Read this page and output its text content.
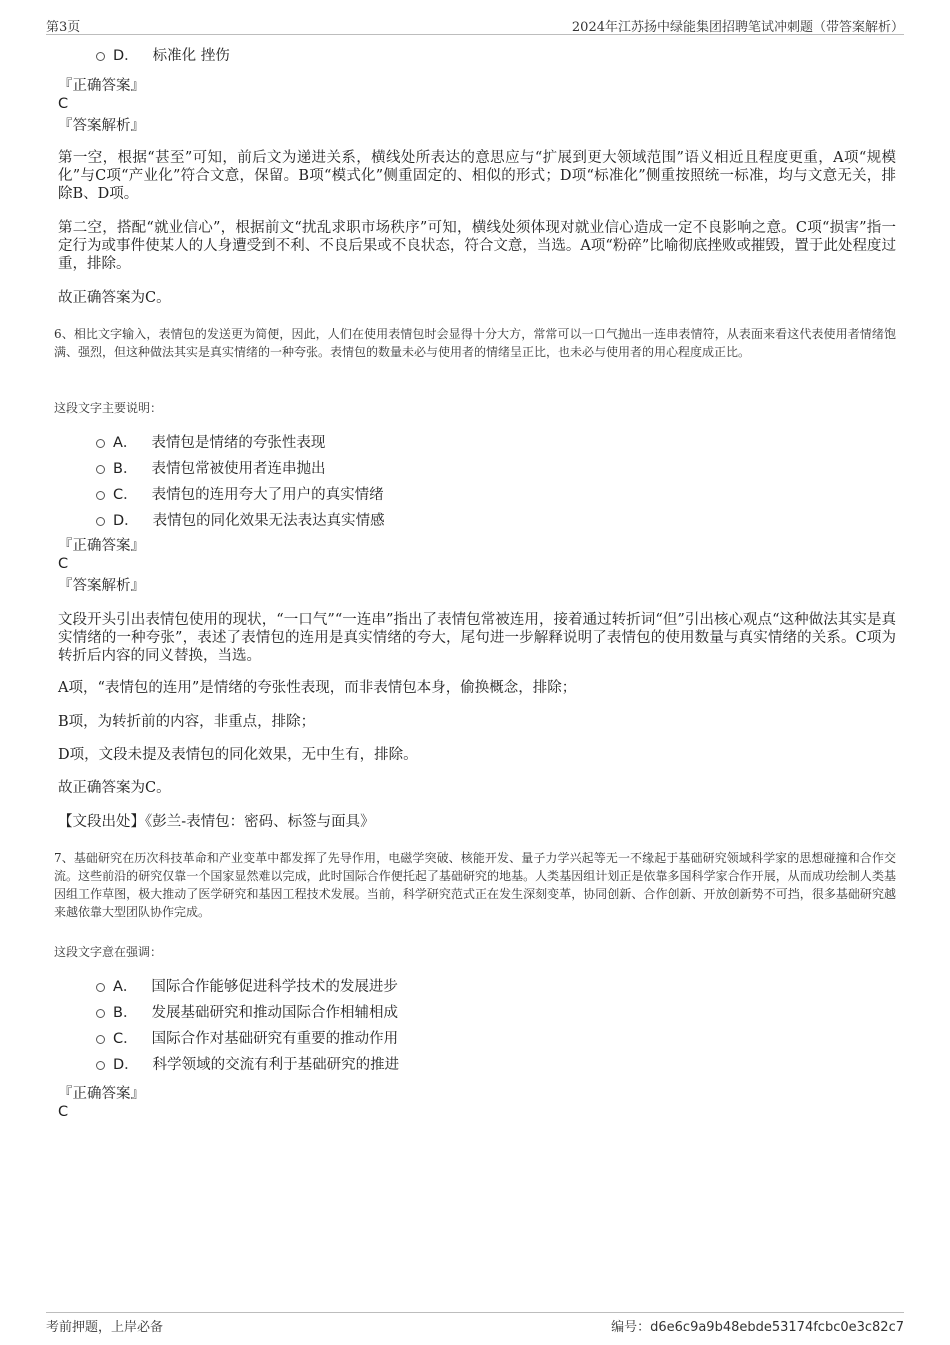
第3页	2024年江苏扬中绿能集团招聘笔试冲刺题（带答案解析）
D． 标准化 挫伤
『正确答案』
C
『答案解析』
第一空，根据“甚至”可知，前后文为递进关系，横线处所表达的意思应与“扩展到更大领域范围”语义相近且程度更重，A项“规模化”与C项“产业化”符合文意，保留。B项“模式化”侧重固定的、相似的形式；D项“标准化”侧重按照统一标准，均与文意无关，排除B、D项。
第二空，搭配“就业信心”，根据前文“扰乱求职市场秩序”可知，横线处须体现对就业信心造成一定不良影响之意。C项“损害”指一定行为或事件使某人的人身遭受到不利、不良后果或不良状态，符合文意，当选。A项“粉碎”比喻彻底挫败或摧毁，置于此处程度过重，排除。
故正确答案为C。
6、相比文字输入，表情包的发送更为简便，因此，人们在使用表情包时会显得十分大方，常常可以一口气抛出一连串表情符，从表面来看这代表使用者情绪饱满、强烈，但这种做法其实是真实情绪的一种夸张。表情包的数量未必与使用者的情绪呈正比，也未必与使用者的用心程度成正比。
这段文字主要说明：
A． 表情包是情绪的夸张性表现
B． 表情包常被使用者连串抛出
C． 表情包的连用夸大了用户的真实情绪
D． 表情包的同化效果无法表达真实情感
『正确答案』
C
『答案解析』
文段开头引出表情包使用的现状，“一口气”“一连串”指出了表情包常被连用，接着通过转折词“但”引出核心观点“这种做法其实是真实情绪的一种夸张”，表述了表情包的连用是真实情绪的夸大，尾句进一步解释说明了表情包的使用数量与真实情绪的关系。C项为转折后内容的同义替换，当选。
A项，“表情包的连用”是情绪的夸张性表现，而非表情包本身，偷换概念，排除；
B项，为转折前的内容，非重点，排除；
D项，文段未提及表情包的同化效果，无中生有，排除。
故正确答案为C。
【文段出处】《彭兰-表情包：密码、标签与面具》
7、基础研究在历次科技革命和产业变革中都发挥了先导作用，电磁学突破、核能开发、量子力学兴起等无一不缘起于基础研究领域科学家的思想碰撞和合作交流。这些前沿的研究仅靠一个国家显然难以完成，此时国际合作便托起了基础研究的地基。人类基因组计划正是依靠多国科学家合作开展，从而成功绘制人类基因组工作草图，极大推动了医学研究和基因工程技术发展。当前，科学研究范式正在发生深刻变革，协同创新、合作创新、开放创新势不可挡，很多基础研究越来越依靠大型团队协作完成。
这段文字意在强调：
A． 国际合作能够促进科学技术的发展进步
B． 发展基础研究和推动国际合作相辅相成
C． 国际合作对基础研究有重要的推动作用
D． 科学领域的交流有利于基础研究的推进
『正确答案』
C
考前押题，上岸必备	编号：d6e6c9a9b48ebde53174fcbc0e3c82c7
